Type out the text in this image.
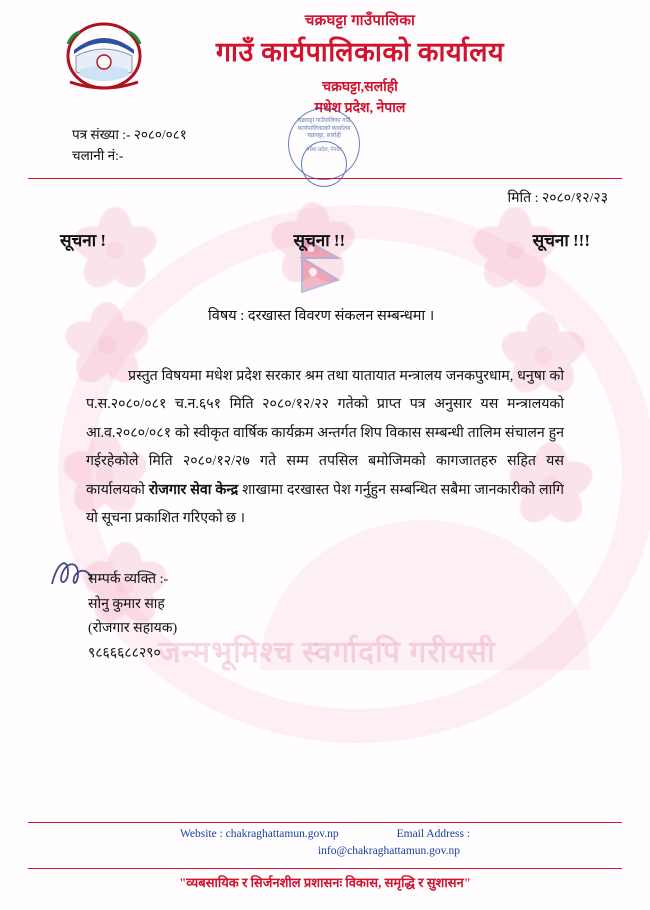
जन्मभूमिश्च स्वर्गादपि गरीयसी
चक्रघट्टा गाउँपालिका
गाउँ कार्यपालिकाको कार्यालय
चक्रघट्टा,सर्लाही
मधेश प्रदेश, नेपाल
चक्रघट्टा गाउँपालिका गाउँ कार्यपालिकाको कार्यालय चक्रघट्टा, सर्लाही
मधेश प्रदेश, नेपाल
पत्र संख्या :- २०८०/०८१
चलानी नं:-
मिति : २०८०/१२/२३
सूचना !	सूचना !!	सूचना !!!
विषय : दरखास्त विवरण संकलन सम्बन्धमा ।
प्रस्तुत विषयमा मधेश प्रदेश सरकार श्रम तथा यातायात मन्त्रालय जनकपुरधाम, धनुषा को प.स.२०८०/०८१ च.न.६५१ मिति २०८०/१२/२२ गतेको प्राप्त पत्र अनुसार यस मन्त्रालयको आ.व.२०८०/०८१ को स्वीकृत वार्षिक कार्यक्रम अन्तर्गत शिप विकास सम्बन्धी तालिम संचालन हुन गईरहेकोले मिति २०८०/१२/२७ गते सम्म तपसिल बमोजिमको कागजातहरु सहित यस कार्यालयको रोजगार सेवा केन्द्र शाखामा दरखास्त पेश गर्नुहुन सम्बन्धित सबैमा जानकारीको लागि यो सूचना प्रकाशित गरिएको छ ।
सम्पर्क व्यक्ति :-
सोनु कुमार साह
(रोजगार सहायक)
९८६६६८८२९०
Website : chakraghattamun.gov.np	Email Address :
info@chakraghattamun.gov.np
"व्यबसायिक र सिर्जनशील प्रशासनः विकास, समृद्धि र सुशासन"
